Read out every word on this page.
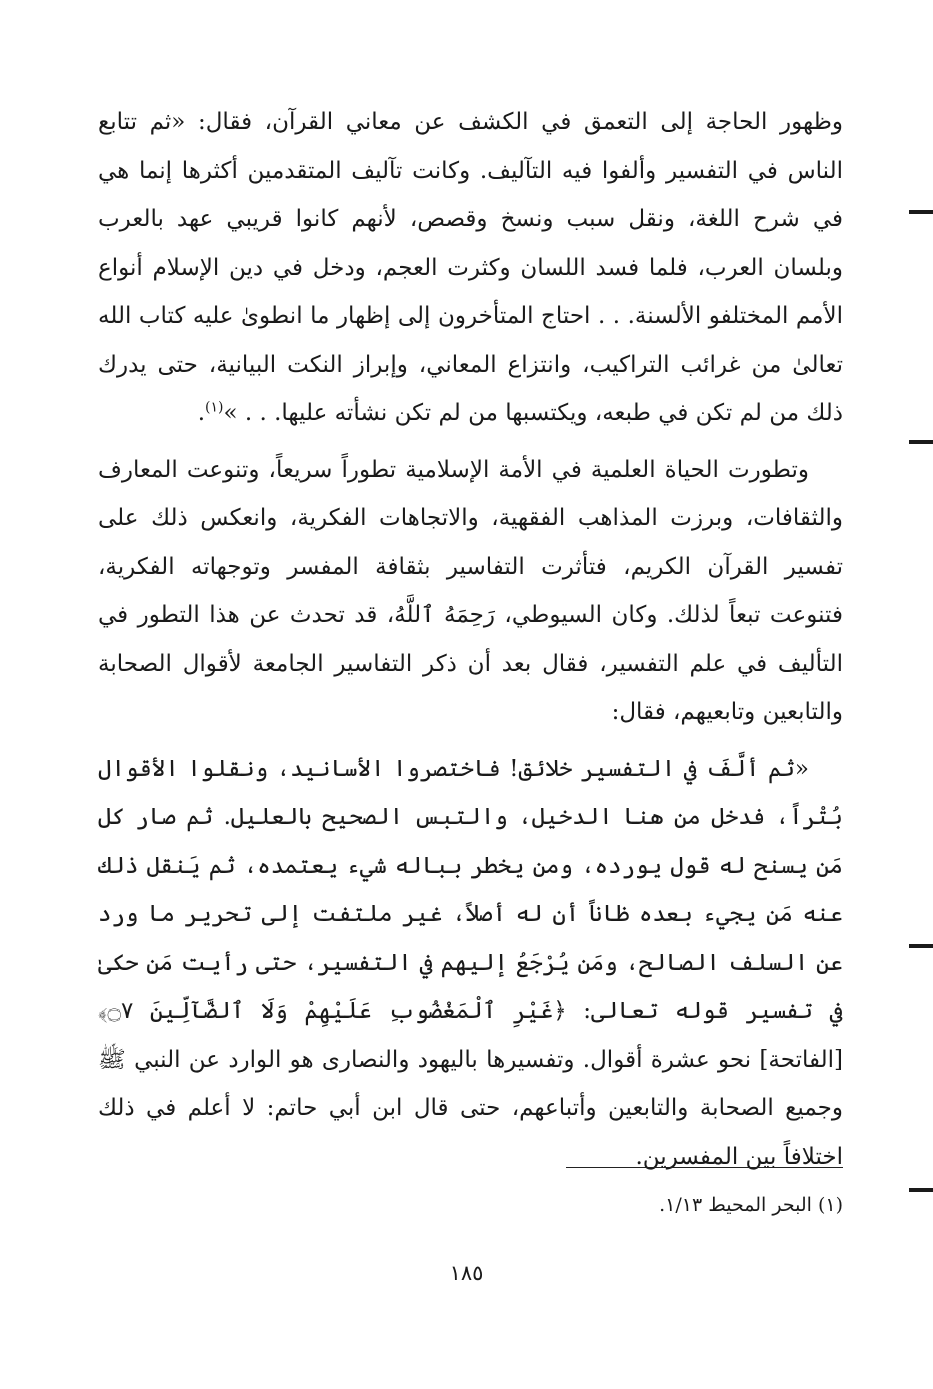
وظهور الحاجة إلى التعمق في الكشف عن معاني القرآن، فقال: «ثم تتابع الناس في التفسير وألفوا فيه التآليف. وكانت تآليف المتقدمين أكثرها إنما هي في شرح اللغة، ونقل سبب ونسخ وقصص، لأنهم كانوا قريبي عهد بالعرب وبلسان العرب، فلما فسد اللسان وكثرت العجم، ودخل في دين الإسلام أنواع الأمم المختلفو الألسنة. . . احتاج المتأخرون إلى إظهار ما انطوىٰ عليه كتاب الله تعالىٰ من غرائب التراكيب، وانتزاع المعاني، وإبراز النكت البيانية، حتى يدرك ذلك من لم تكن في طبعه، ويكتسبها من لم تكن نشأته عليها. . . »$^{(١)}$.

وتطورت الحياة العلمية في الأمة الإسلامية تطوراً سريعاً، وتنوعت المعارف والثقافات، وبرزت المذاهب الفقهية، والاتجاهات الفكرية، وانعكس ذلك على تفسير القرآن الكريم، فتأثرت التفاسير بثقافة المفسر وتوجهاته الفكرية، فتنوعت تبعاً لذلك. وكان السيوطي، رَحِمَهُ ٱللَّهُ، قد تحدث عن هذا التطور في التأليف في علم التفسير، فقال بعد أن ذكر التفاسير الجامعة لأقوال الصحابة والتابعين وتابعيهم، فقال:

«ثم ألَّفَ في التفسير خلائق! فاختصروا الأسانيد، ونقلوا الأقوال بُتْراً، فدخل من هنا الدخيل، والتبس الصحيح بالعليل. ثم صار كل مَن يسنح له قول يورده، ومن يخطر بباله شيء يعتمده، ثم يَنقل ذلك عنه مَن يجيء بعده ظاناً أن له أصلاً، غير ملتفت إلى تحرير ما ورد عن السلف الصالح، ومَن يُرْجَعُ إليهم في التفسير، حتى رأيت مَن حكىٰ في تفسير قوله تعالى: ﴿غَيْرِ ٱلْمَغْضُوبِ عَلَيْهِمْ وَلَا ٱلضَّآلِّينَ ۝٧﴾ [الفاتحة] نحو عشرة أقوال. وتفسيرها باليهود والنصارى هو الوارد عن النبي ﷺ وجميع الصحابة والتابعين وأتباعهم، حتى قال ابن أبي حاتم: لا أعلم في ذلك اختلافاً بين المفسرين.

(١) البحر المحيط ١/١٣.
١٨٥
